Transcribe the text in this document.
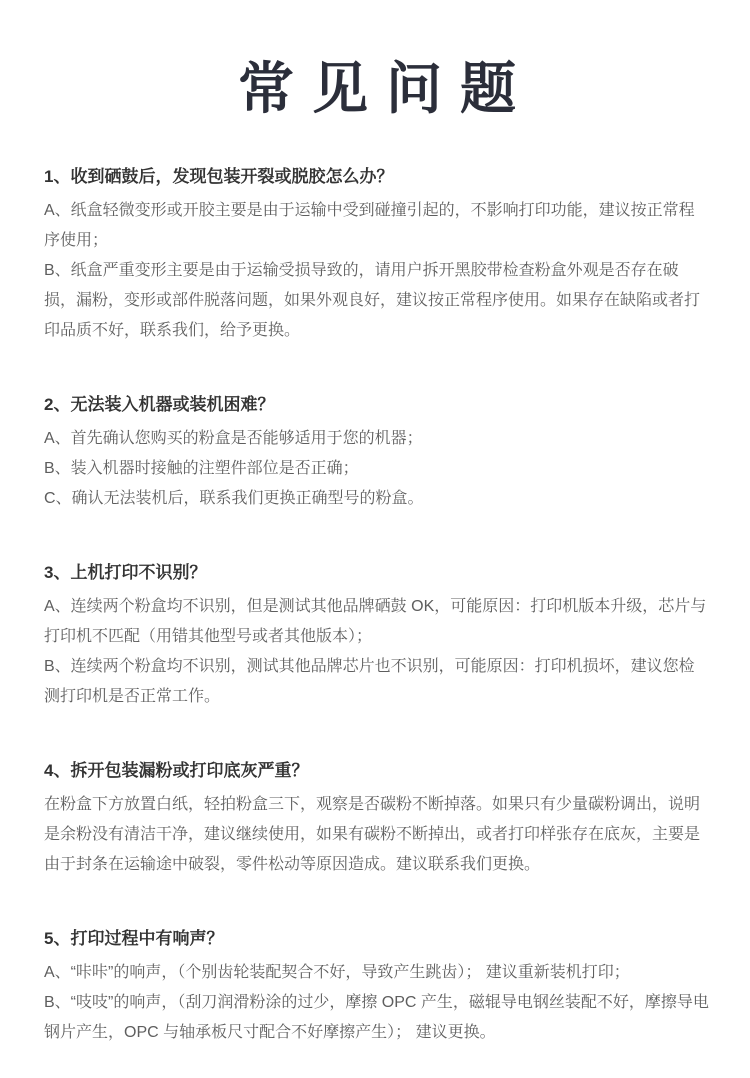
常见问题
1、收到硒鼓后，发现包装开裂或脱胶怎么办？

A、纸盒轻微变形或开胶主要是由于运输中受到碰撞引起的，不影响打印功能，建议按正常程序使用；

B、纸盒严重变形主要是由于运输受损导致的，请用户拆开黑胶带检查粉盒外观是否存在破损，漏粉，变形或部件脱落问题，如果外观良好，建议按正常程序使用。如果存在缺陷或者打印品质不好，联系我们，给予更换。

2、无法装入机器或装机困难？

A、首先确认您购买的粉盒是否能够适用于您的机器；

B、装入机器时接触的注塑件部位是否正确；

C、确认无法装机后，联系我们更换正确型号的粉盒。

3、上机打印不识别？

A、连续两个粉盒均不识别，但是测试其他品牌硒鼓 OK，可能原因：打印机版本升级，芯片与打印机不匹配（用错其他型号或者其他版本）；

B、连续两个粉盒均不识别，测试其他品牌芯片也不识别，可能原因：打印机损坏，建议您检测打印机是否正常工作。

4、拆开包装漏粉或打印底灰严重？

在粉盒下方放置白纸，轻拍粉盒三下，观察是否碳粉不断掉落。如果只有少量碳粉调出，说明是余粉没有清洁干净，建议继续使用，如果有碳粉不断掉出，或者打印样张存在底灰，主要是由于封条在运输途中破裂，零件松动等原因造成。建议联系我们更换。

5、打印过程中有响声？

A、“咔咔”的响声，（个别齿轮装配契合不好，导致产生跳齿）； 建议重新装机打印；

B、“吱吱”的响声，（刮刀润滑粉涂的过少，摩擦 OPC 产生，磁辊导电钢丝装配不好，摩擦导电钢片产生，OPC 与轴承板尺寸配合不好摩擦产生）； 建议更换。
